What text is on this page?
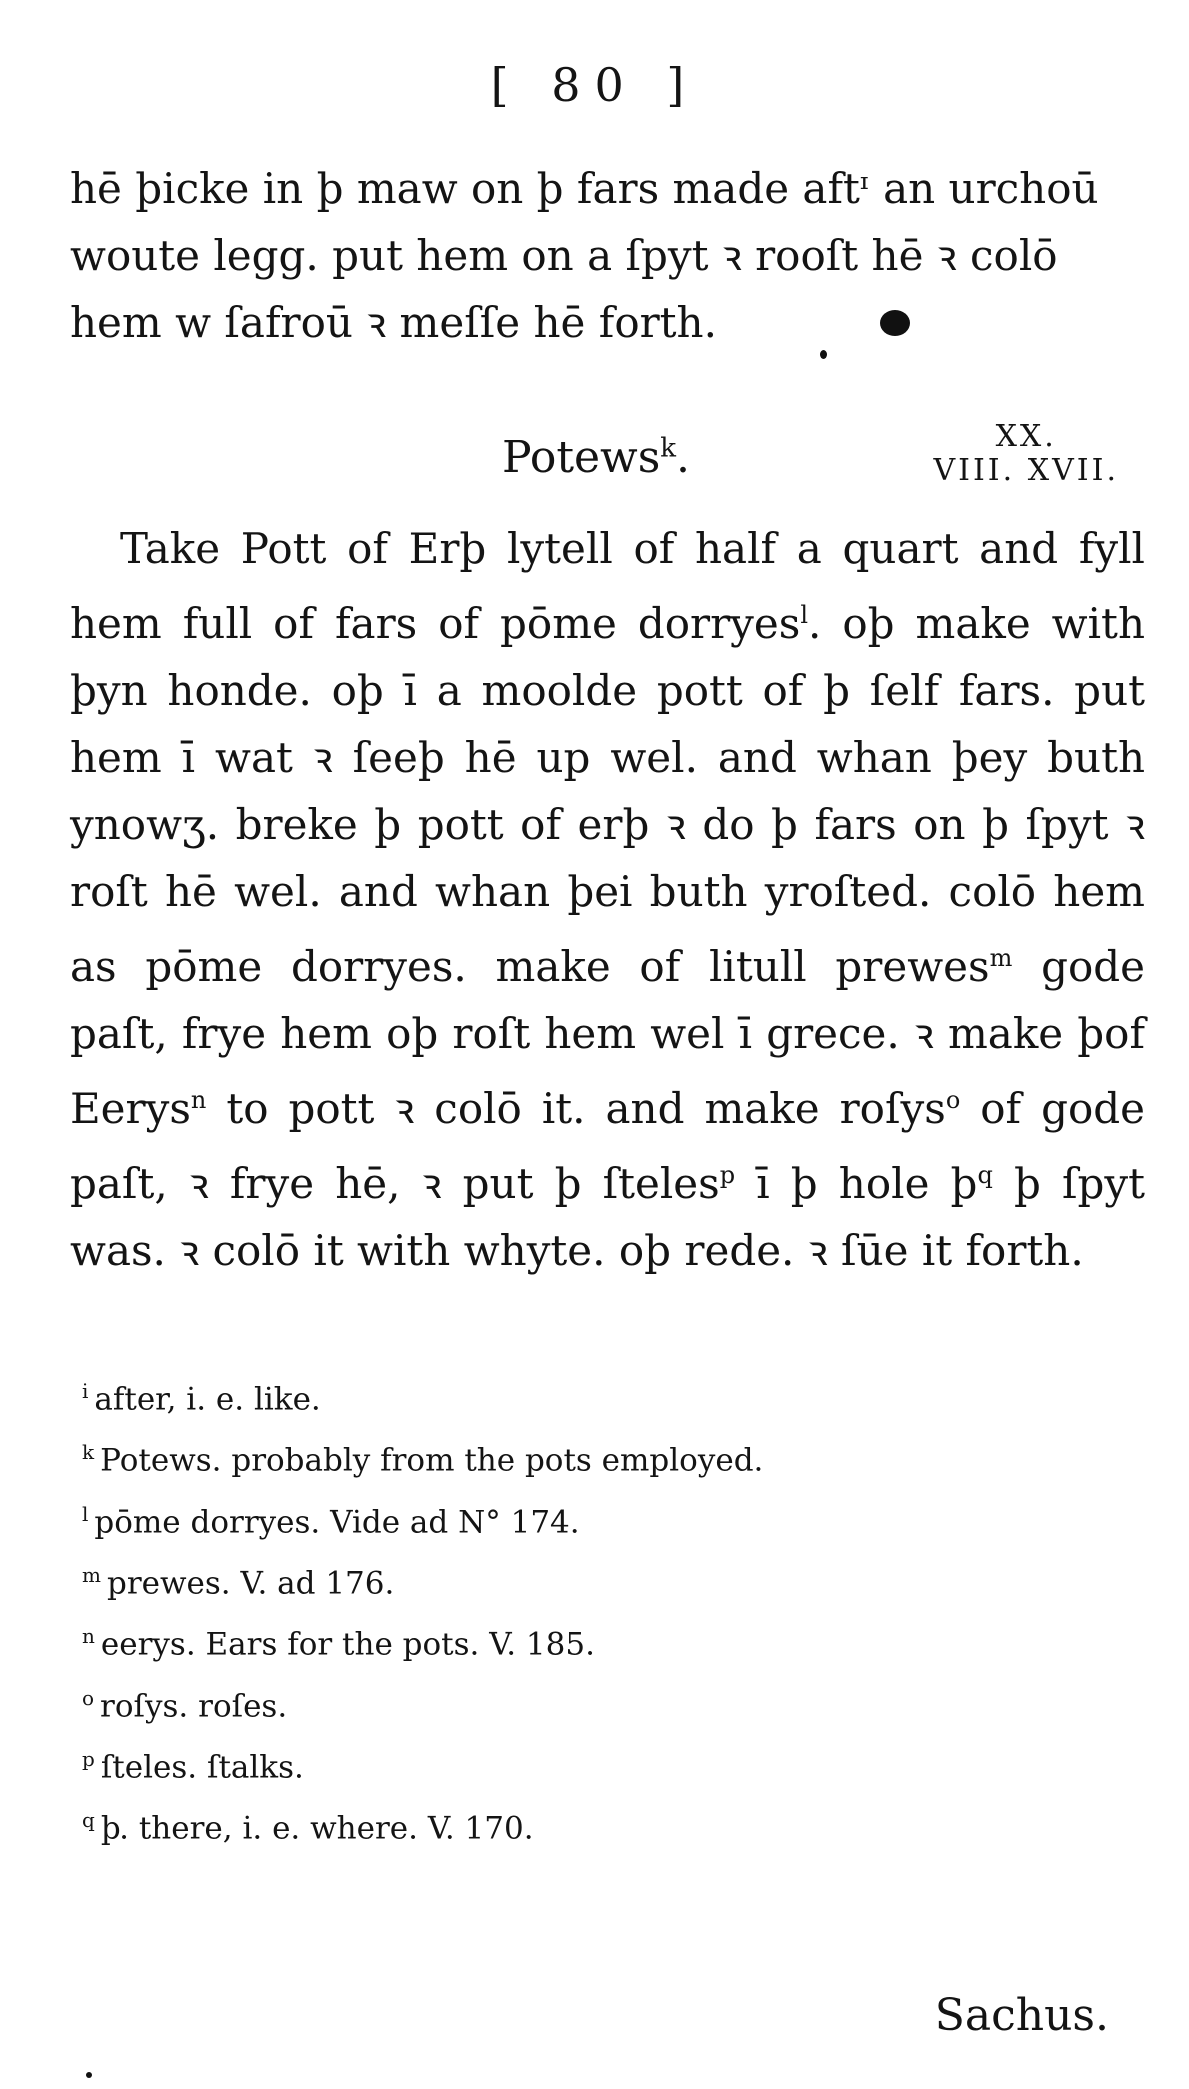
[ 80 ]

hē þicke in þ maw on þ fars made aftᶦ an urchoū woute legg. put hem on a ſpyt ꝛ rooſt hē ꝛ colō hem w ſafroū ꝛ meſſe hē forth.

Potews$^k$.	XX.
VIII. XVII.

Take Pott of Erþ lytell of half a quart and fyll hem full of fars of pōme dorryes$^l$. oþ make with þyn honde. oþ ī a moolde pott of þ ſelf fars. put hem ī wat ꝛ ſeeþ hē up wel. and whan þey buth ynowʒ. breke þ pott of erþ ꝛ do þ fars on þ ſpyt ꝛ roſt hē wel. and whan þei buth yroſted. colō hem as pōme dorryes. make of litull prewes$^m$ gode paſt, frye hem oþ roſt hem wel ī grece. ꝛ make þof Eerys$^n$ to pott ꝛ colō it. and make roſys$^o$ of gode paſt, ꝛ frye hē, ꝛ put þ ſteles$^p$ ī þ hole $þ^q$ þ ſpyt was. ꝛ colō it with whyte. oþ rede. ꝛ ſūe it forth.

$^i$ after, i. e. like.
$^k$ Potews. probably from the pots employed.
$^l$ pōme dorryes. Vide ad N° 174.
$^m$ prewes. V. ad 176.
$^n$ eerys. Ears for the pots. V. 185.
$^o$ roſys. roſes.
$^p$ ſteles. ſtalks.
$^q$ þ. there, i. e. where. V. 170.
Sachus.
